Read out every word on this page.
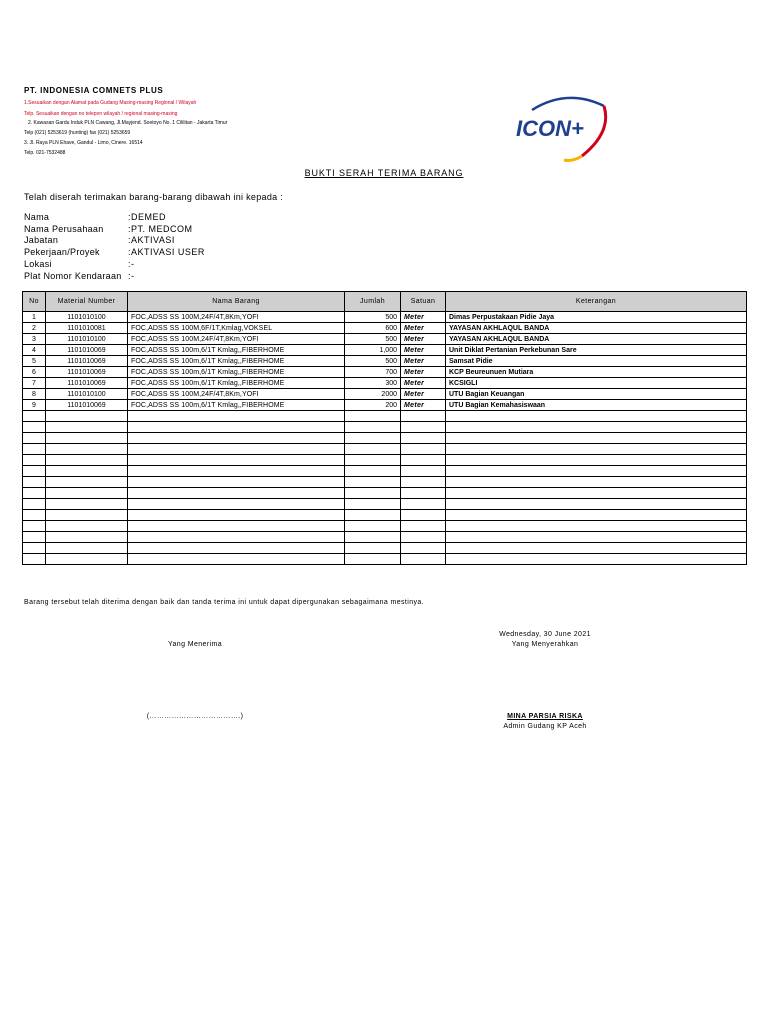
PT. INDONESIA COMNETS PLUS
1.Sesuaikan dengan Alamat pada Gudang Masing-masing Regional / Wilayah
Telp. Sesuaikan dengan no telepon wilayah / regional masing-masing
2. Kawasan Gardu Induk PLN Cawang, Jl.Mayjend. Soetoyo No. 1 Cililitan - Jakarta Timur
Telp (021) 5253619 (hunting) fax (021) 5253659
3. Jl. Raya PLN Ehave, Gandul - Limo, Cinere. 16514
Telp. 021-7532488
ICON+
BUKTI SERAH TERIMA BARANG
Telah diserah terimakan barang-barang dibawah ini kepada :
Nama	:DEMED
Nama Perusahaan	:PT. MEDCOM
Jabatan	:AKTIVASI
Pekerjaan/Proyek	:AKTIVASI USER
Lokasi	:-
Plat Nomor Kendaraan :-
No	Material Number	Nama Barang	Jumlah	Satuan	Keterangan
1	1101010100	FOC,ADSS SS 100M,24F/4T,8Km,YOFI	500	Meter	Dimas Perpustakaan Pidie Jaya
2	1101010081	FOC,ADSS SS 100M,6F/1T,Kmlag,VOKSEL	600	Meter	YAYASAN AKHLAQUL BANDA
3	1101010100	FOC,ADSS SS 100M,24F/4T,8Km,YOFI	500	Meter	YAYASAN AKHLAQUL BANDA
4	1101010069	FOC,ADSS SS 100m,6/1T Kmlag,,FIBERHOME	1,000	Meter	Unit Diklat Pertanian Perkebunan Sare
5	1101010069	FOC,ADSS SS 100m,6/1T Kmlag,,FIBERHOME	500	Meter	Samsat Pidie
6	1101010069	FOC,ADSS SS 100m,6/1T Kmlag,,FIBERHOME	700	Meter	KCP Beureunuen Mutiara
7	1101010069	FOC,ADSS SS 100m,6/1T Kmlag,,FIBERHOME	300	Meter	KCSIGLI
8	1101010100	FOC,ADSS SS 100M,24F/4T,8Km,YOFI	2000	Meter	UTU Bagian Keuangan
9	1101010069	FOC,ADSS SS 100m,6/1T Kmlag,,FIBERHOME	200	Meter	UTU Bagian Kemahasiswaan

Barang tersebut telah diterima dengan baik dan tanda terima ini untuk dapat dipergunakan sebagaimana mestinya.
Wednesday, 30 June 2021
Yang Menerima	Yang Menyerahkan
(……………………………….)	MINA PARSIA RISKA
Admin Gudang KP Aceh
